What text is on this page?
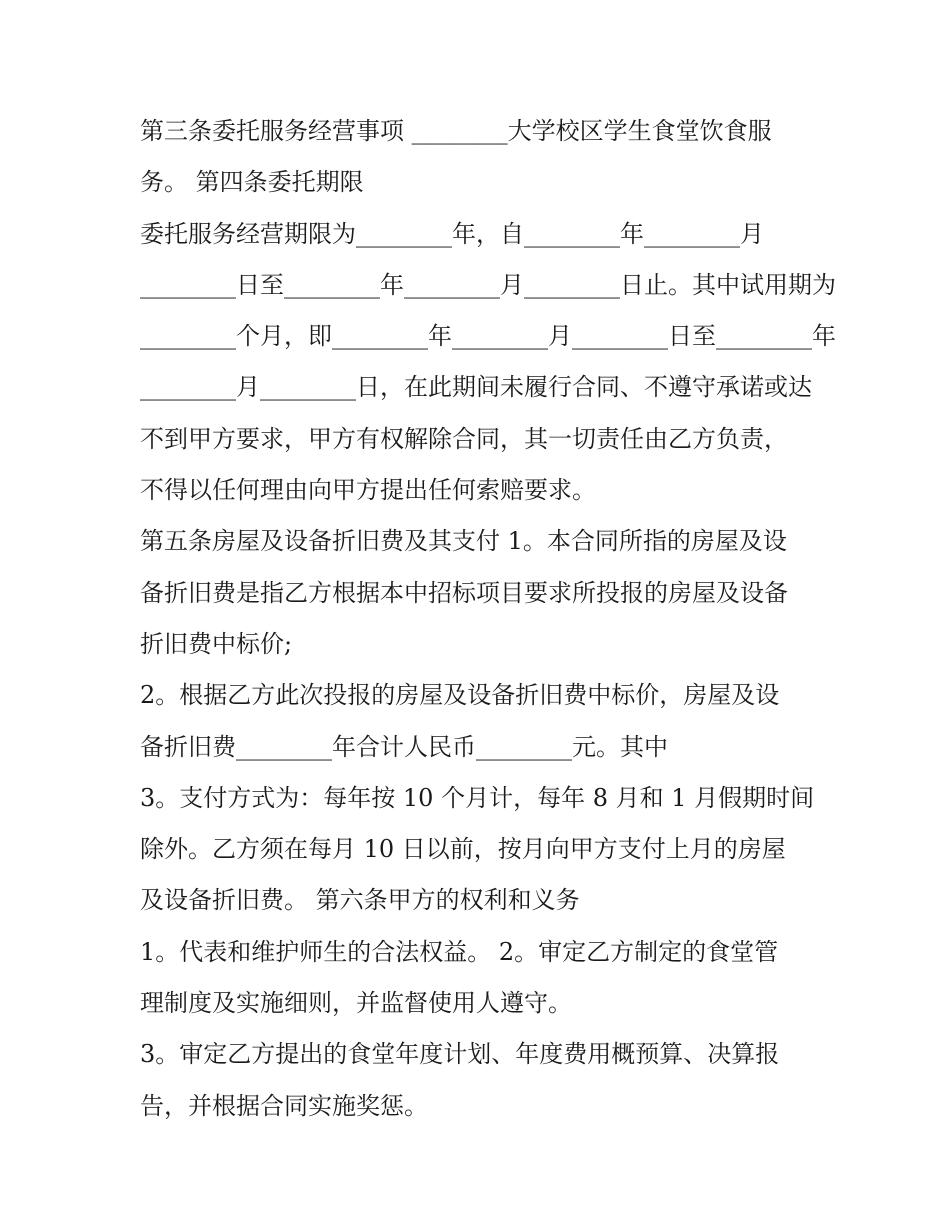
第三条委托服务经营事项 ________大学校区学生食堂饮食服
务。 第四条委托期限
委托服务经营期限为________年，自________年________月
________日至________年________月________日止。其中试用期为
________个月，即________年________月________日至________年
________月________日，在此期间未履行合同、不遵守承诺或达
不到甲方要求，甲方有权解除合同，其一切责任由乙方负责，
不得以任何理由向甲方提出任何索赔要求。
第五条房屋及设备折旧费及其支付 1。本合同所指的房屋及设
备折旧费是指乙方根据本中招标项目要求所投报的房屋及设备
折旧费中标价;
2。根据乙方此次投报的房屋及设备折旧费中标价，房屋及设
备折旧费________年合计人民币________元。其中
3。支付方式为：每年按 10 个月计，每年 8 月和 1 月假期时间
除外。乙方须在每月 10 日以前，按月向甲方支付上月的房屋
及设备折旧费。 第六条甲方的权利和义务
1。代表和维护师生的合法权益。 2。审定乙方制定的食堂管
理制度及实施细则，并监督使用人遵守。
3。审定乙方提出的食堂年度计划、年度费用概预算、决算报
告，并根据合同实施奖惩。
